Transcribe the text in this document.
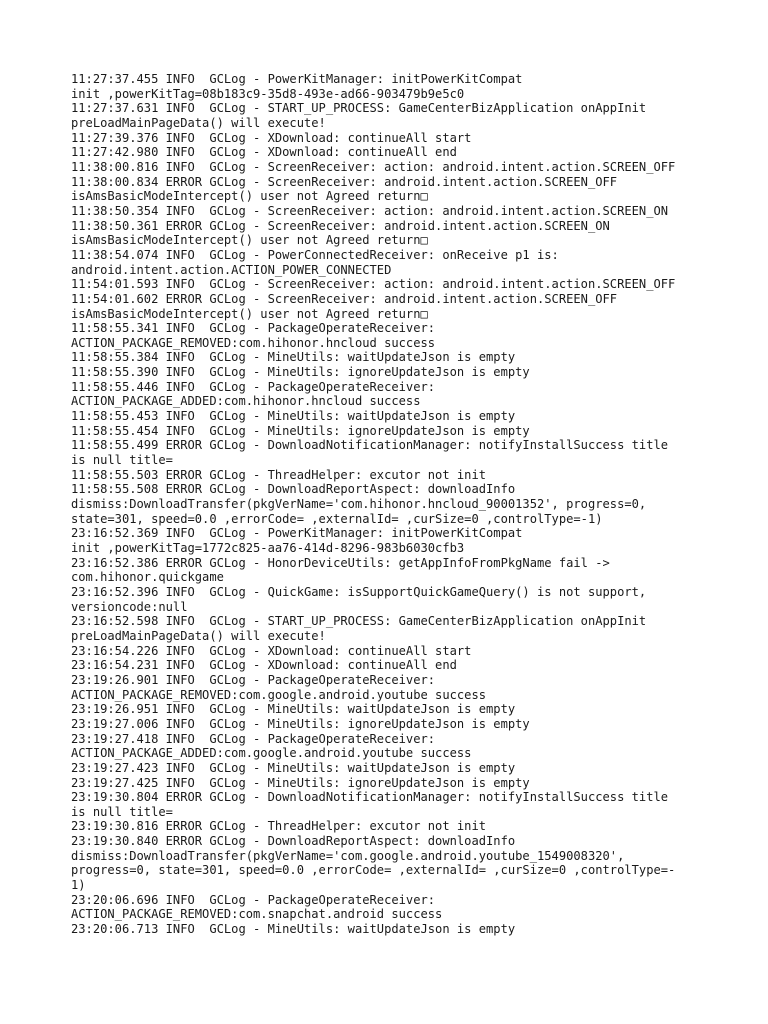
11:27:37.455 INFO  GCLog - PowerKitManager: initPowerKitCompat
init ,powerKitTag=08b183c9-35d8-493e-ad66-903479b9e5c0
11:27:37.631 INFO  GCLog - START_UP_PROCESS: GameCenterBizApplication onAppInit
preLoadMainPageData() will execute!
11:27:39.376 INFO  GCLog - XDownload: continueAll start
11:27:42.980 INFO  GCLog - XDownload: continueAll end
11:38:00.816 INFO  GCLog - ScreenReceiver: action: android.intent.action.SCREEN_OFF
11:38:00.834 ERROR GCLog - ScreenReceiver: android.intent.action.SCREEN_OFF
isAmsBasicModeIntercept() user not Agreed return□
11:38:50.354 INFO  GCLog - ScreenReceiver: action: android.intent.action.SCREEN_ON
11:38:50.361 ERROR GCLog - ScreenReceiver: android.intent.action.SCREEN_ON
isAmsBasicModeIntercept() user not Agreed return□
11:38:54.074 INFO  GCLog - PowerConnectedReceiver: onReceive p1 is:
android.intent.action.ACTION_POWER_CONNECTED
11:54:01.593 INFO  GCLog - ScreenReceiver: action: android.intent.action.SCREEN_OFF
11:54:01.602 ERROR GCLog - ScreenReceiver: android.intent.action.SCREEN_OFF
isAmsBasicModeIntercept() user not Agreed return□
11:58:55.341 INFO  GCLog - PackageOperateReceiver:
ACTION_PACKAGE_REMOVED:com.hihonor.hncloud success
11:58:55.384 INFO  GCLog - MineUtils: waitUpdateJson is empty
11:58:55.390 INFO  GCLog - MineUtils: ignoreUpdateJson is empty
11:58:55.446 INFO  GCLog - PackageOperateReceiver:
ACTION_PACKAGE_ADDED:com.hihonor.hncloud success
11:58:55.453 INFO  GCLog - MineUtils: waitUpdateJson is empty
11:58:55.454 INFO  GCLog - MineUtils: ignoreUpdateJson is empty
11:58:55.499 ERROR GCLog - DownloadNotificationManager: notifyInstallSuccess title
is null title=
11:58:55.503 ERROR GCLog - ThreadHelper: excutor not init
11:58:55.508 ERROR GCLog - DownloadReportAspect: downloadInfo
dismiss:DownloadTransfer(pkgVerName='com.hihonor.hncloud_90001352', progress=0,
state=301, speed=0.0 ,errorCode= ,externalId= ,curSize=0 ,controlType=-1)
23:16:52.369 INFO  GCLog - PowerKitManager: initPowerKitCompat
init ,powerKitTag=1772c825-aa76-414d-8296-983b6030cfb3
23:16:52.386 ERROR GCLog - HonorDeviceUtils: getAppInfoFromPkgName fail ->
com.hihonor.quickgame
23:16:52.396 INFO  GCLog - QuickGame: isSupportQuickGameQuery() is not support,
versioncode:null
23:16:52.598 INFO  GCLog - START_UP_PROCESS: GameCenterBizApplication onAppInit
preLoadMainPageData() will execute!
23:16:54.226 INFO  GCLog - XDownload: continueAll start
23:16:54.231 INFO  GCLog - XDownload: continueAll end
23:19:26.901 INFO  GCLog - PackageOperateReceiver:
ACTION_PACKAGE_REMOVED:com.google.android.youtube success
23:19:26.951 INFO  GCLog - MineUtils: waitUpdateJson is empty
23:19:27.006 INFO  GCLog - MineUtils: ignoreUpdateJson is empty
23:19:27.418 INFO  GCLog - PackageOperateReceiver:
ACTION_PACKAGE_ADDED:com.google.android.youtube success
23:19:27.423 INFO  GCLog - MineUtils: waitUpdateJson is empty
23:19:27.425 INFO  GCLog - MineUtils: ignoreUpdateJson is empty
23:19:30.804 ERROR GCLog - DownloadNotificationManager: notifyInstallSuccess title
is null title=
23:19:30.816 ERROR GCLog - ThreadHelper: excutor not init
23:19:30.840 ERROR GCLog - DownloadReportAspect: downloadInfo
dismiss:DownloadTransfer(pkgVerName='com.google.android.youtube_1549008320',
progress=0, state=301, speed=0.0 ,errorCode= ,externalId= ,curSize=0 ,controlType=-
1)
23:20:06.696 INFO  GCLog - PackageOperateReceiver:
ACTION_PACKAGE_REMOVED:com.snapchat.android success
23:20:06.713 INFO  GCLog - MineUtils: waitUpdateJson is empty
